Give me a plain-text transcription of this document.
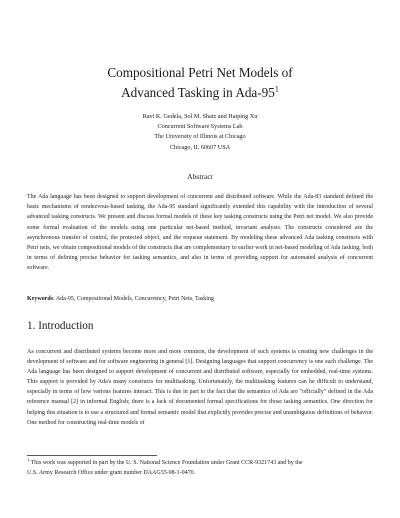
Compositional Petri Net Models of
Advanced Tasking in Ada-$95^1$
Ravi K. Gedela, Sol M. Shatz and Haiping Xu
Concurrent Software Systems Lab
The University of Illinois at Chicago
Chicago, IL 60607 USA
Abstract
The Ada language has been designed to support development of concurrent and distributed software. While the Ada-83 standard defined the basic mechanisms of rendezvous-based tasking, the Ada-95 standard significantly extended this capability with the introduction of several advanced tasking constructs. We present and discuss formal models of these key tasking constructs using the Petri net model. We also provide some formal evaluation of the models using one particular net-based method, invariant analysis. The constructs considered are the asynchronous transfer of control, the protected object, and the requeue statement. By modeling these advanced Ada tasking constructs with Petri nets, we obtain compositional models of the constructs that are complementary to earlier work in net-based modeling of Ada tasking, both in terms of defining precise behavior for tasking semantics, and also in terms of providing support for automated analysis of concurrent software.
Keywords: Ada-95, Compositional Models, Concurrency, Petri Nets, Tasking
1. Introduction
As concurrent and distributed systems become more and more common, the development of such systems is creating new challenges in the development of software and for software engineering in general [1]. Designing languages that support concurrency is one such challenge. The Ada language has been designed to support development of concurrent and distributed software, especially for embedded, real-time systems. This support is provided by Ada's many constructs for multitasking. Unfortunately, the multitasking features can be difficult to understand, especially in terms of how various features interact. This is due in part to the fact that the semantics of Ada are "officially" defined in the Ada reference manual [2] in informal English; there is a lack of documented formal specifications for those tasking semantics. One direction for helping this situation is to use a structured and formal semantic model that explicitly provides precise and unambiguous definitions of behavior. One method for constructing real-time models of
$^1$ This work was supported in part by the U. S. National Science Foundation under Grant CCR-9321743 and by the
U.S. Army Research Office under grant number DAAG55-98-1-0470.
